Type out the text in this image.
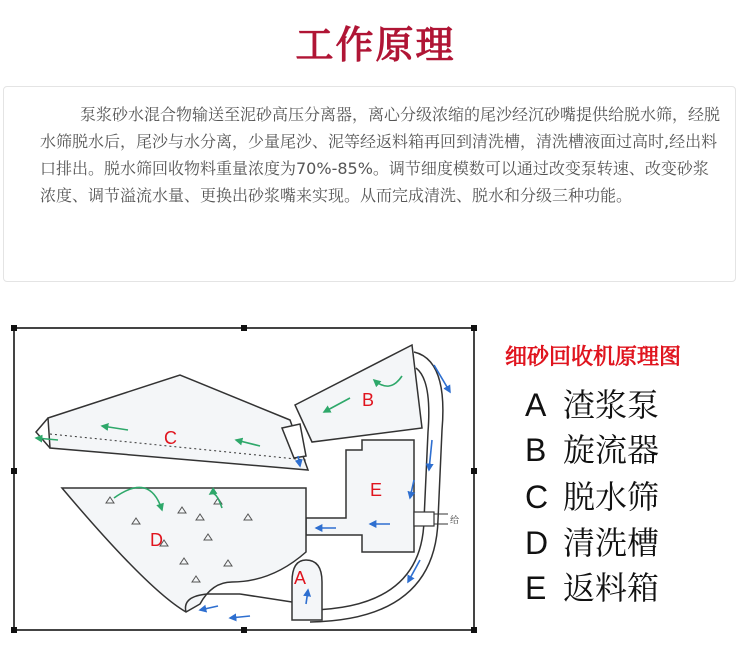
工作原理

泵浆砂水混合物输送至泥砂高压分离器，离心分级浓缩的尾沙经沉砂嘴提供给脱水筛，经脱水筛脱水后，尾沙与水分离，少量尾沙、泥等经返料箱再回到清洗槽，清洗槽液面过高时,经出料口排出。脱水筛回收物料重量浓度为70%-85%。调节细度模数可以通过改变泵转速、改变砂浆浓度、调节溢流水量、更换出砂浆嘴来实现。从而完成清洗、脱水和分级三种功能。

C
B
E
D
A
给
细砂回收机原理图
A 渣浆泵
B 旋流器
C 脱水筛
D 清洗槽
E 返料箱
